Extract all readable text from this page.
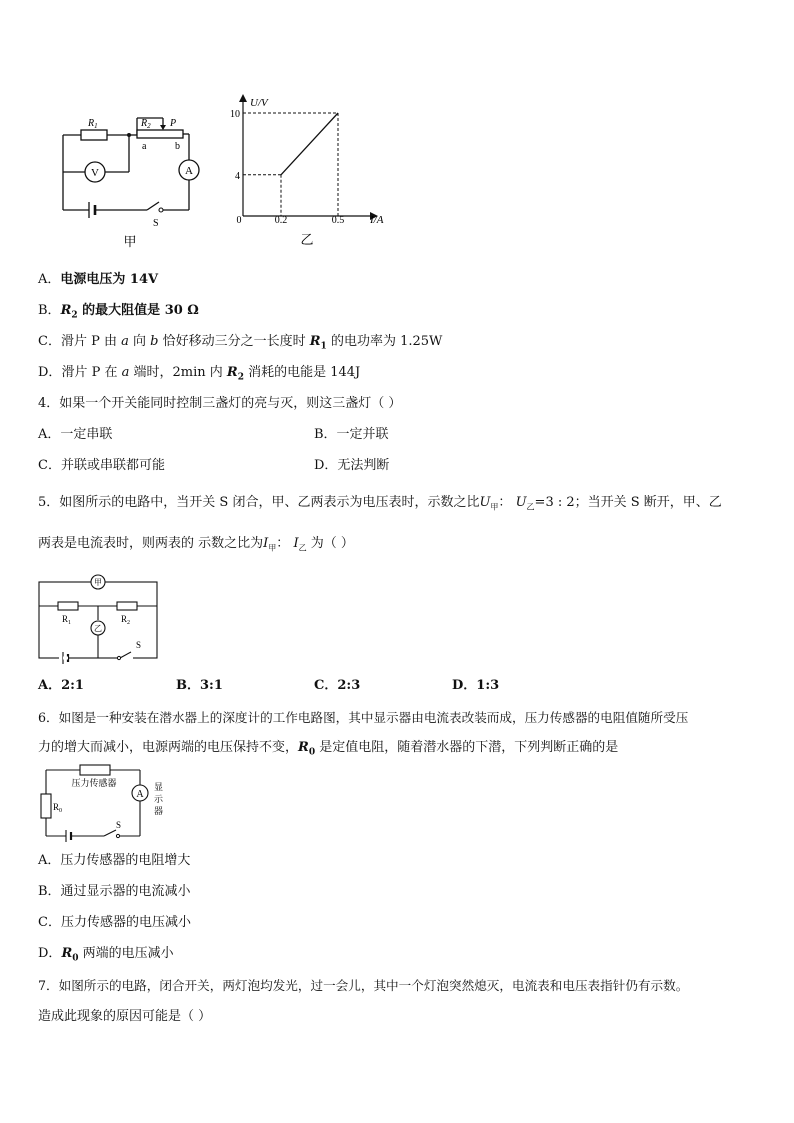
$R_1$	$R_2$ P
a	b
V	A
S
甲
U/V
I/A
0
10
4
0.2	0.5
乙
A．电源电压为 14V
B．$R_2$ 的最大阻值是 30 Ω
C．滑片 P 由 a 向 b 恰好移动三分之一长度时 $R_1$ 的电功率为 1.25W
D．滑片 P 在 a 端时，2min 内 $R_2$ 消耗的电能是 144J
4．如果一个开关能同时控制三盏灯的亮与灭，则这三盏灯（ ）
A．一定串联	B．一定并联
C．并联或串联都可能	D．无法判断
5．如图所示的电路中，当开关 S 闭合，甲、乙两表示为电压表时，示数之比$U_甲$： $U_乙=3$ : 2；当开关 S 断开，甲、乙
两表是电流表时，则两表的 示数之比为$I_甲$： $I_乙$ 为（ ）
甲
乙
$R_1$	$R_2$
S
A．2:1	B．3:1	C．2:3	D．1:3
6．如图是一种安装在潜水器上的深度计的工作电路图，其中显示器由电流表改装而成，压力传感器的电阻值随所受压
力的增大而减小，电源两端的电压保持不变，$R_0$ 是定值电阻，随着潜水器的下潜，下列判断正确的是
压力传感器
$R_0$
A
显
示
器
S
A．压力传感器的电阻增大
B．通过显示器的电流减小
C．压力传感器的电压减小
D．$R_0$ 两端的电压减小
7．如图所示的电路，闭合开关，两灯泡均发光，过一会儿，其中一个灯泡突然熄灭，电流表和电压表指针仍有示数。
造成此现象的原因可能是（ ）
